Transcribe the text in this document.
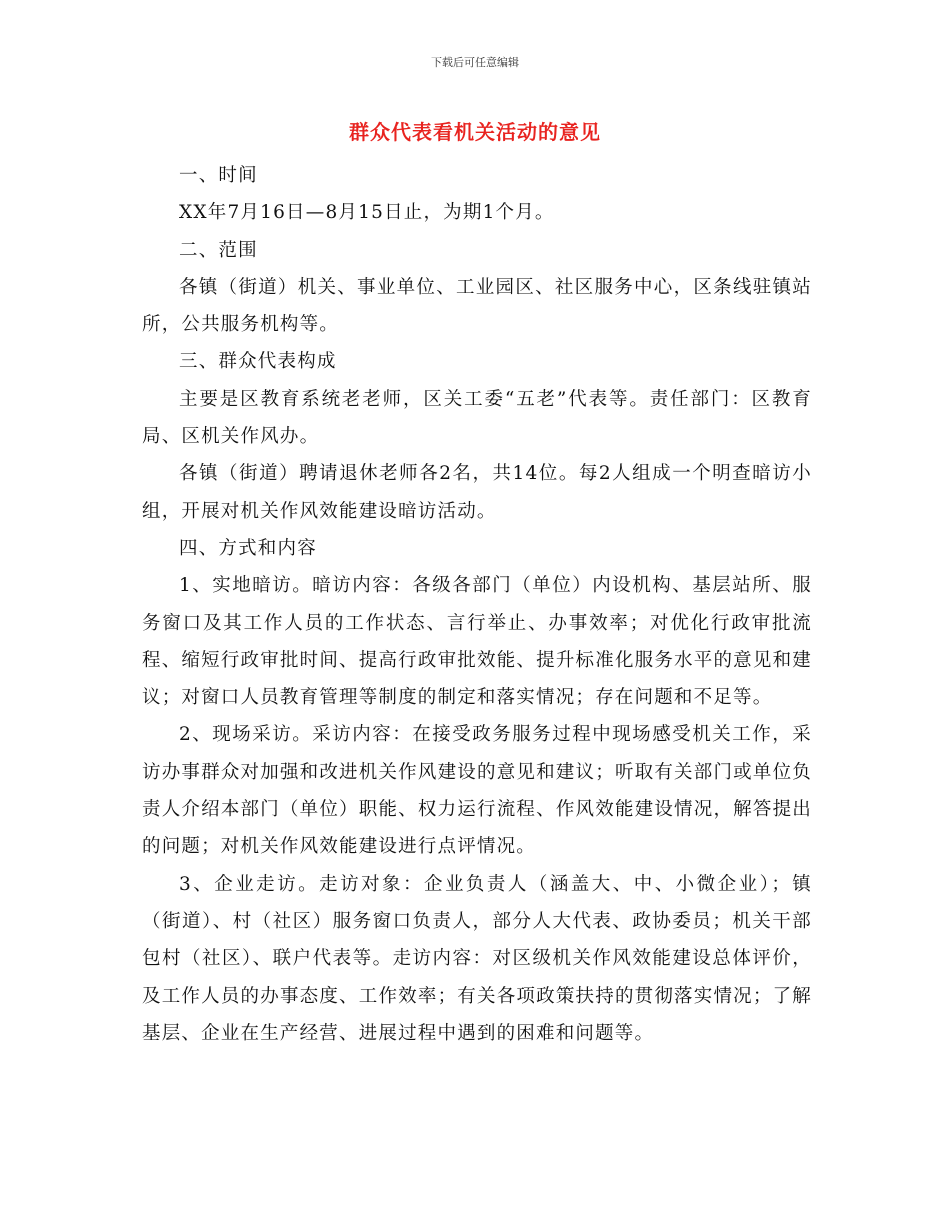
下载后可任意编辑
群众代表看机关活动的意见

一、时间

XX年7月16日—8月15日止，为期1个月。

二、范围

各镇（街道）机关、事业单位、工业园区、社区服务中心，区条线驻镇站所，公共服务机构等。

三、群众代表构成

主要是区教育系统老老师，区关工委“五老”代表等。责任部门：区教育局、区机关作风办。

各镇（街道）聘请退休老师各2名，共14位。每2人组成一个明查暗访小组，开展对机关作风效能建设暗访活动。

四、方式和内容

1、实地暗访。暗访内容：各级各部门（单位）内设机构、基层站所、服务窗口及其工作人员的工作状态、言行举止、办事效率；对优化行政审批流程、缩短行政审批时间、提高行政审批效能、提升标准化服务水平的意见和建议；对窗口人员教育管理等制度的制定和落实情况；存在问题和不足等。

2、现场采访。采访内容：在接受政务服务过程中现场感受机关工作，采访办事群众对加强和改进机关作风建设的意见和建议；听取有关部门或单位负责人介绍本部门（单位）职能、权力运行流程、作风效能建设情况，解答提出的问题；对机关作风效能建设进行点评情况。

3、企业走访。走访对象：企业负责人（涵盖大、中、小微企业）；镇（街道）、村（社区）服务窗口负责人，部分人大代表、政协委员；机关干部包村（社区）、联户代表等。走访内容：对区级机关作风效能建设总体评价，及工作人员的办事态度、工作效率；有关各项政策扶持的贯彻落实情况；了解基层、企业在生产经营、进展过程中遇到的困难和问题等。
